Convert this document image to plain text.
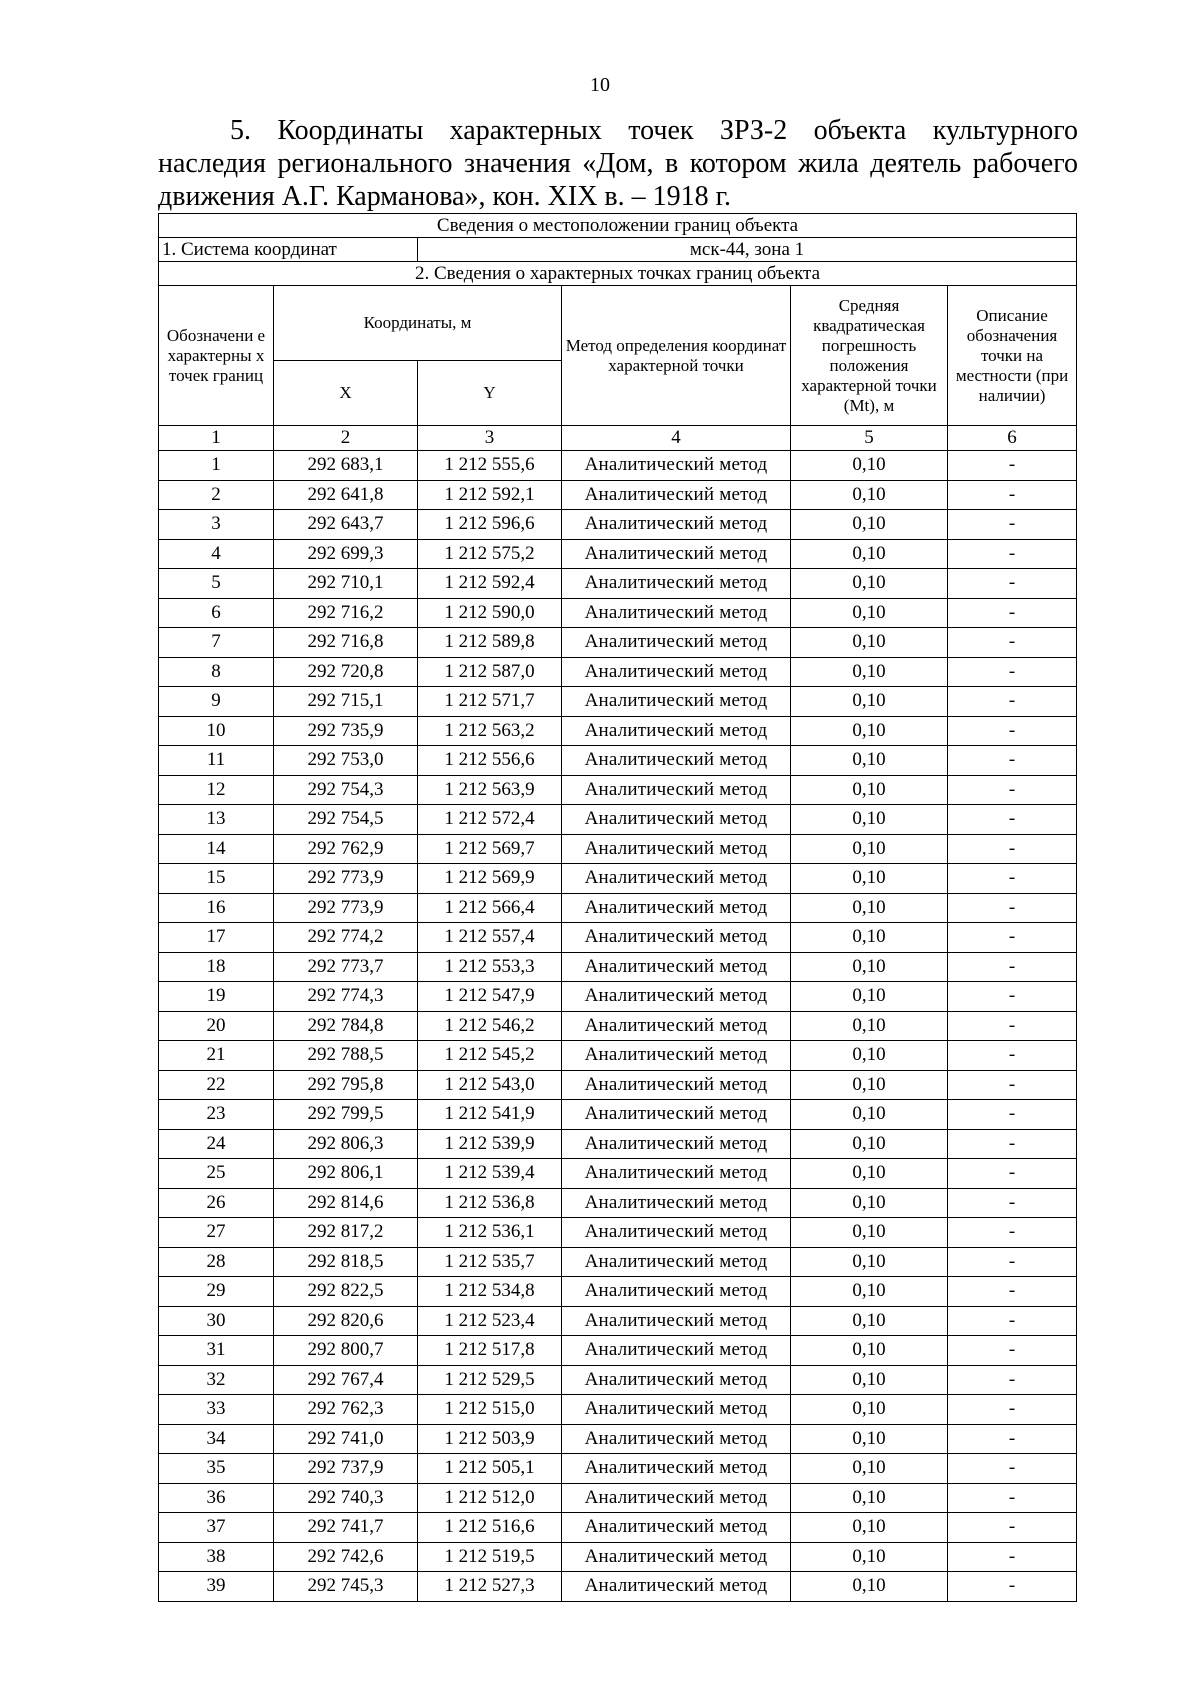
10
5. Координаты характерных точек ЗРЗ-2 объекта культурного
наследия регионального значения «Дом, в котором жила деятель рабочего
движения А.Г. Карманова», кон. XIX в. – 1918 г.
Сведения о местоположении границ объекта					
1. Система координат		мск-44, зона 1			
2. Сведения о характерных точках границ объекта					
Обозначени е характерны х точек границ	Координаты, м		Метод определения координат характерной точки	Средняя квадратическая погрешность положения характерной точки (Mt), м	Описание обозначения точки на местности (при наличии)
	X	Y			
1	2	3	4	5	6
1	292 683,1	1 212 555,6	Аналитический метод	0,10	-
2	292 641,8	1 212 592,1	Аналитический метод	0,10	-
3	292 643,7	1 212 596,6	Аналитический метод	0,10	-
4	292 699,3	1 212 575,2	Аналитический метод	0,10	-
5	292 710,1	1 212 592,4	Аналитический метод	0,10	-
6	292 716,2	1 212 590,0	Аналитический метод	0,10	-
7	292 716,8	1 212 589,8	Аналитический метод	0,10	-
8	292 720,8	1 212 587,0	Аналитический метод	0,10	-
9	292 715,1	1 212 571,7	Аналитический метод	0,10	-
10	292 735,9	1 212 563,2	Аналитический метод	0,10	-
11	292 753,0	1 212 556,6	Аналитический метод	0,10	-
12	292 754,3	1 212 563,9	Аналитический метод	0,10	-
13	292 754,5	1 212 572,4	Аналитический метод	0,10	-
14	292 762,9	1 212 569,7	Аналитический метод	0,10	-
15	292 773,9	1 212 569,9	Аналитический метод	0,10	-
16	292 773,9	1 212 566,4	Аналитический метод	0,10	-
17	292 774,2	1 212 557,4	Аналитический метод	0,10	-
18	292 773,7	1 212 553,3	Аналитический метод	0,10	-
19	292 774,3	1 212 547,9	Аналитический метод	0,10	-
20	292 784,8	1 212 546,2	Аналитический метод	0,10	-
21	292 788,5	1 212 545,2	Аналитический метод	0,10	-
22	292 795,8	1 212 543,0	Аналитический метод	0,10	-
23	292 799,5	1 212 541,9	Аналитический метод	0,10	-
24	292 806,3	1 212 539,9	Аналитический метод	0,10	-
25	292 806,1	1 212 539,4	Аналитический метод	0,10	-
26	292 814,6	1 212 536,8	Аналитический метод	0,10	-
27	292 817,2	1 212 536,1	Аналитический метод	0,10	-
28	292 818,5	1 212 535,7	Аналитический метод	0,10	-
29	292 822,5	1 212 534,8	Аналитический метод	0,10	-
30	292 820,6	1 212 523,4	Аналитический метод	0,10	-
31	292 800,7	1 212 517,8	Аналитический метод	0,10	-
32	292 767,4	1 212 529,5	Аналитический метод	0,10	-
33	292 762,3	1 212 515,0	Аналитический метод	0,10	-
34	292 741,0	1 212 503,9	Аналитический метод	0,10	-
35	292 737,9	1 212 505,1	Аналитический метод	0,10	-
36	292 740,3	1 212 512,0	Аналитический метод	0,10	-
37	292 741,7	1 212 516,6	Аналитический метод	0,10	-
38	292 742,6	1 212 519,5	Аналитический метод	0,10	-
39	292 745,3	1 212 527,3	Аналитический метод	0,10	-
